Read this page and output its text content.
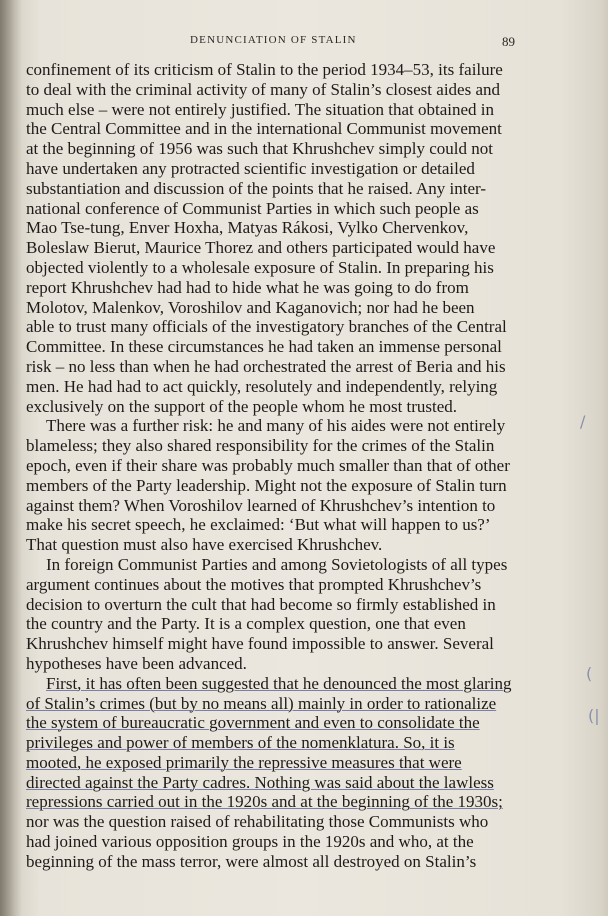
DENUNCIATION OF STALIN	89
confinement of its criticism of Stalin to the period 1934–53, its failure
to deal with the criminal activity of many of Stalin’s closest aides and
much else – were not entirely justified. The situation that obtained in
the Central Committee and in the international Communist movement
at the beginning of 1956 was such that Khrushchev simply could not
have undertaken any protracted scientific investigation or detailed
substantiation and discussion of the points that he raised. Any inter-
national conference of Communist Parties in which such people as
Mao Tse-tung, Enver Hoxha, Matyas Rákosi, Vylko Chervenkov,
Boleslaw Bierut, Maurice Thorez and others participated would have
objected violently to a wholesale exposure of Stalin. In preparing his
report Khrushchev had had to hide what he was going to do from
Molotov, Malenkov, Voroshilov and Kaganovich; nor had he been
able to trust many officials of the investigatory branches of the Central
Committee. In these circumstances he had taken an immense personal
risk – no less than when he had orchestrated the arrest of Beria and his
men. He had had to act quickly, resolutely and independently, relying
exclusively on the support of the people whom he most trusted.
There was a further risk: he and many of his aides were not entirely
blameless; they also shared responsibility for the crimes of the Stalin
epoch, even if their share was probably much smaller than that of other
members of the Party leadership. Might not the exposure of Stalin turn
against them? When Voroshilov learned of Khrushchev’s intention to
make his secret speech, he exclaimed: ‘But what will happen to us?’
That question must also have exercised Khrushchev.
In foreign Communist Parties and among Sovietologists of all types
argument continues about the motives that prompted Khrushchev’s
decision to overturn the cult that had become so firmly established in
the country and the Party. It is a complex question, one that even
Khrushchev himself might have found impossible to answer. Several
hypotheses have been advanced.
First, it has often been suggested that he denounced the most glaring
of Stalin’s crimes (but by no means all) mainly in order to rationalize
the system of bureaucratic government and even to consolidate the
privileges and power of members of the nomenklatura. So, it is
mooted, he exposed primarily the repressive measures that were
directed against the Party cadres. Nothing was said about the lawless
repressions carried out in the 1920s and at the beginning of the 1930s;
nor was the question raised of rehabilitating those Communists who
had joined various opposition groups in the 1920s and who, at the
beginning of the mass terror, were almost all destroyed on Stalin’s
(
(|
/
